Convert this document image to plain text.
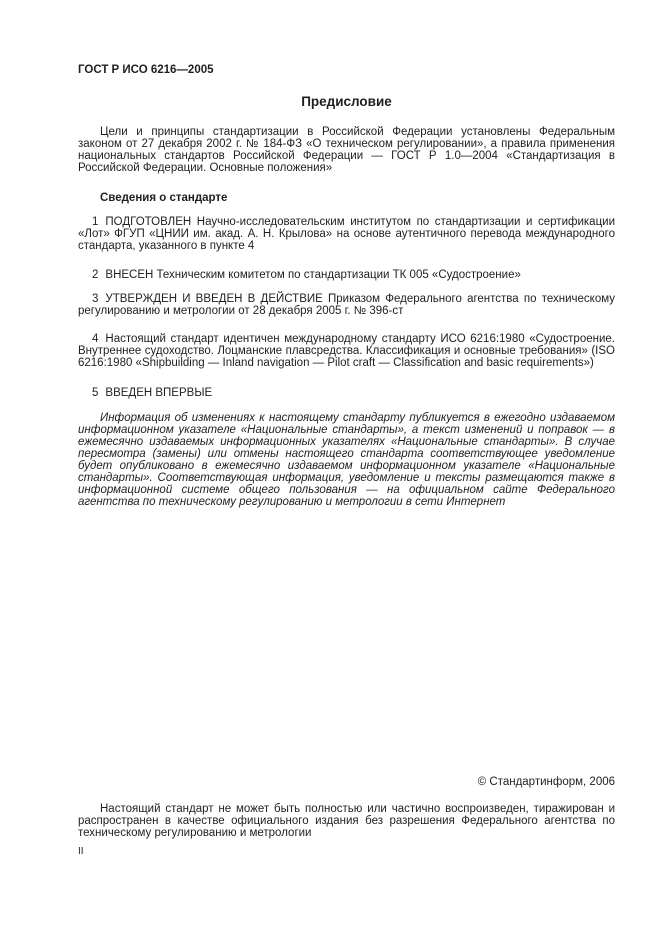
ГОСТ Р ИСО 6216—2005

Предисловие

Цели и принципы стандартизации в Российской Федерации установлены Федеральным законом от 27 декабря 2002 г. № 184-ФЗ «О техническом регулировании», а правила применения национальных стандартов Российской Федерации — ГОСТ Р 1.0—2004 «Стандартизация в Российской Федерации. Основные положения»

Сведения о стандарте

1 ПОДГОТОВЛЕН Научно-исследовательским институтом по стандартизации и сертификации «Лот» ФГУП «ЦНИИ им. акад. А. Н. Крылова» на основе аутентичного перевода международного стандарта, указанного в пункте 4

2 ВНЕСЕН Техническим комитетом по стандартизации ТК 005 «Судостроение»

3 УТВЕРЖДЕН И ВВЕДЕН В ДЕЙСТВИЕ Приказом Федерального агентства по техническому регулированию и метрологии от 28 декабря 2005 г. № 396-ст

4 Настоящий стандарт идентичен международному стандарту ИСО 6216:1980 «Судостроение. Внутреннее судоходство. Лоцманские плавсредства. Классификация и основные требования» (ISO 6216:1980 «Shipbuilding — Inland navigation — Pilot craft — Classification and basic requirements»)

5 ВВЕДЕН ВПЕРВЫЕ

Информация об изменениях к настоящему стандарту публикуется в ежегодно издаваемом информационном указателе «Национальные стандарты», а текст изменений и поправок — в ежемесячно издаваемых информационных указателях «Национальные стандарты». В случае пересмотра (замены) или отмены настоящего стандарта соответствующее уведомление будет опубликовано в ежемесячно издаваемом информационном указателе «Национальные стандарты». Соответствующая информация, уведомление и тексты размещаются также в информационной системе общего пользования — на официальном сайте Федерального агентства по техническому регулированию и метрологии в сети Интернет

© Стандартинформ, 2006

Настоящий стандарт не может быть полностью или частично воспроизведен, тиражирован и распространен в качестве официального издания без разрешения Федерального агентства по техническому регулированию и метрологии

II
